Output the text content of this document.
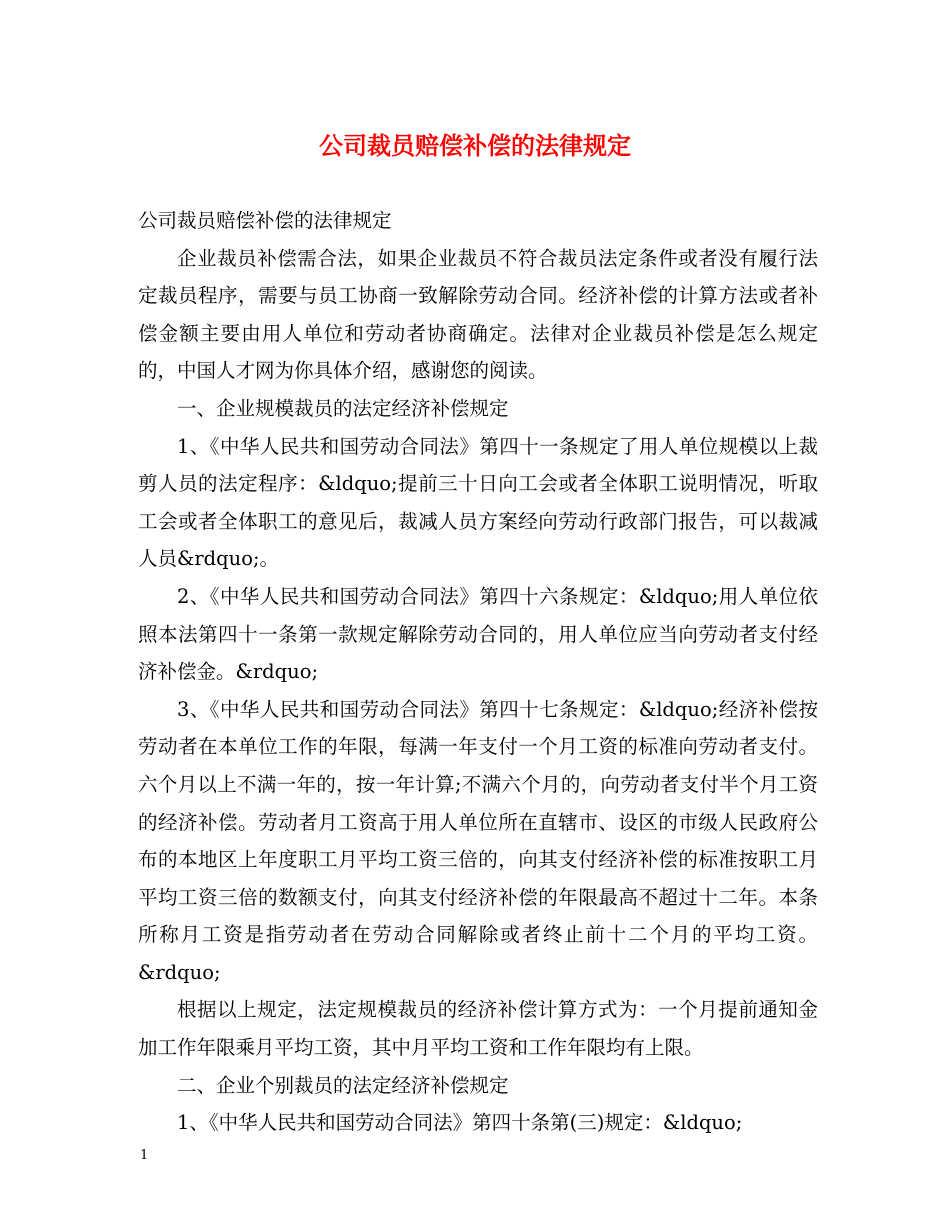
公司裁员赔偿补偿的法律规定

公司裁员赔偿补偿的法律规定

企业裁员补偿需合法，如果企业裁员不符合裁员法定条件或者没有履行法定裁员程序，需要与员工协商一致解除劳动合同。经济补偿的计算方法或者补偿金额主要由用人单位和劳动者协商确定。法律对企业裁员补偿是怎么规定的，中国人才网为你具体介绍，感谢您的阅读。

一、企业规模裁员的法定经济补偿规定

1、《中华人民共和国劳动合同法》第四十一条规定了用人单位规模以上裁剪人员的法定程序：&ldquo;提前三十日向工会或者全体职工说明情况，听取工会或者全体职工的意见后，裁减人员方案经向劳动行政部门报告，可以裁减人员&rdquo;。

2、《中华人民共和国劳动合同法》第四十六条规定：&ldquo;用人单位依照本法第四十一条第一款规定解除劳动合同的，用人单位应当向劳动者支付经济补偿金。&rdquo;

3、《中华人民共和国劳动合同法》第四十七条规定：&ldquo;经济补偿按劳动者在本单位工作的年限，每满一年支付一个月工资的标准向劳动者支付。六个月以上不满一年的，按一年计算;不满六个月的，向劳动者支付半个月工资的经济补偿。劳动者月工资高于用人单位所在直辖市、设区的市级人民政府公布的本地区上年度职工月平均工资三倍的，向其支付经济补偿的标准按职工月平均工资三倍的数额支付，向其支付经济补偿的年限最高不超过十二年。本条所称月工资是指劳动者在劳动合同解除或者终止前十二个月的平均工资。&rdquo;

根据以上规定，法定规模裁员的经济补偿计算方式为：一个月提前通知金加工作年限乘月平均工资，其中月平均工资和工作年限均有上限。

二、企业个别裁员的法定经济补偿规定

1、《中华人民共和国劳动合同法》第四十条第(三)规定：&ldquo;

1
